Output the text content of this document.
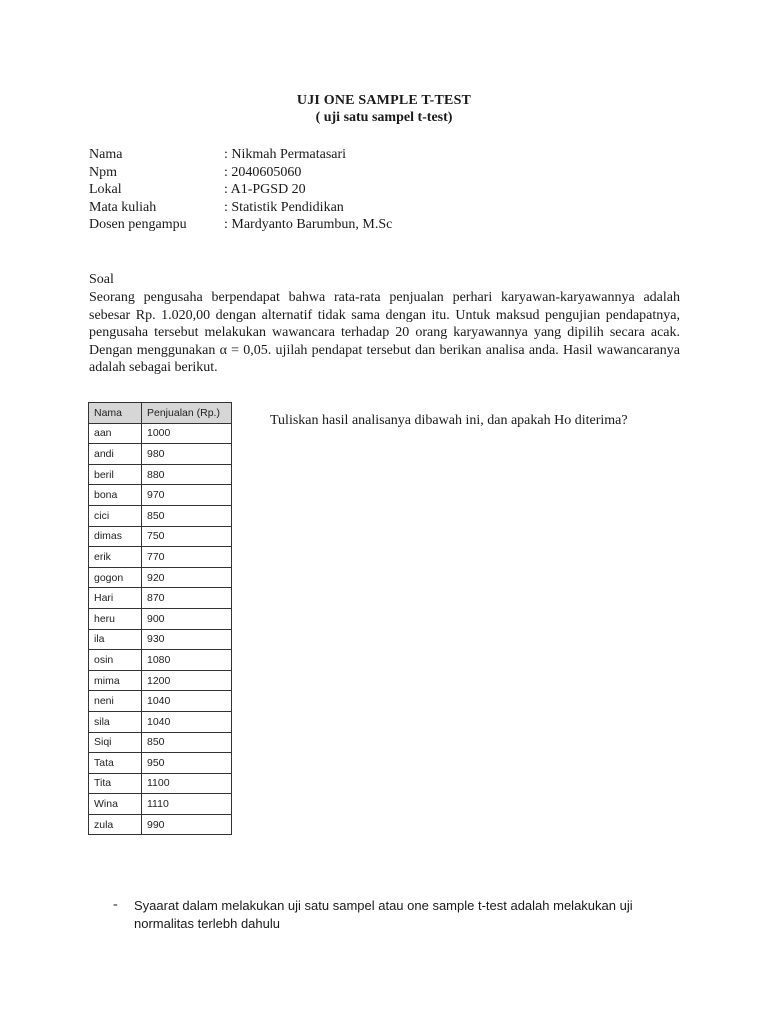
UJI ONE SAMPLE T-TEST
( uji satu sampel t-test)
Nama	: Nikmah Permatasari
Npm	: 2040605060
Lokal	: A1-PGSD 20
Mata kuliah	: Statistik Pendidikan
Dosen pengampu	: Mardyanto Barumbun, M.Sc
Soal
Seorang pengusaha berpendapat bahwa rata-rata penjualan perhari karyawan-karyawannya adalah sebesar Rp. 1.020,00 dengan alternatif tidak sama dengan itu. Untuk maksud pengujian pendapatnya, pengusaha tersebut melakukan wawancara terhadap 20 orang karyawannya yang dipilih secara acak. Dengan menggunakan α = 0,05. ujilah pendapat tersebut dan berikan analisa anda. Hasil wawancaranya adalah sebagai berikut.
Nama	Penjualan (Rp.)
aan	1000
andi	980
beril	880
bona	970
cici	850
dimas	750
erik	770
gogon	920
Hari	870
heru	900
ila	930
osin	1080
mima	1200
neni	1040
sila	1040
Siqi	850
Tata	950
Tita	1100
Wina	1110
zula	990
Tuliskan hasil analisanya dibawah ini, dan apakah Ho diterima?
- Syaarat dalam melakukan uji satu sampel atau one sample t-test adalah melakukan uji normalitas terlebh dahulu
